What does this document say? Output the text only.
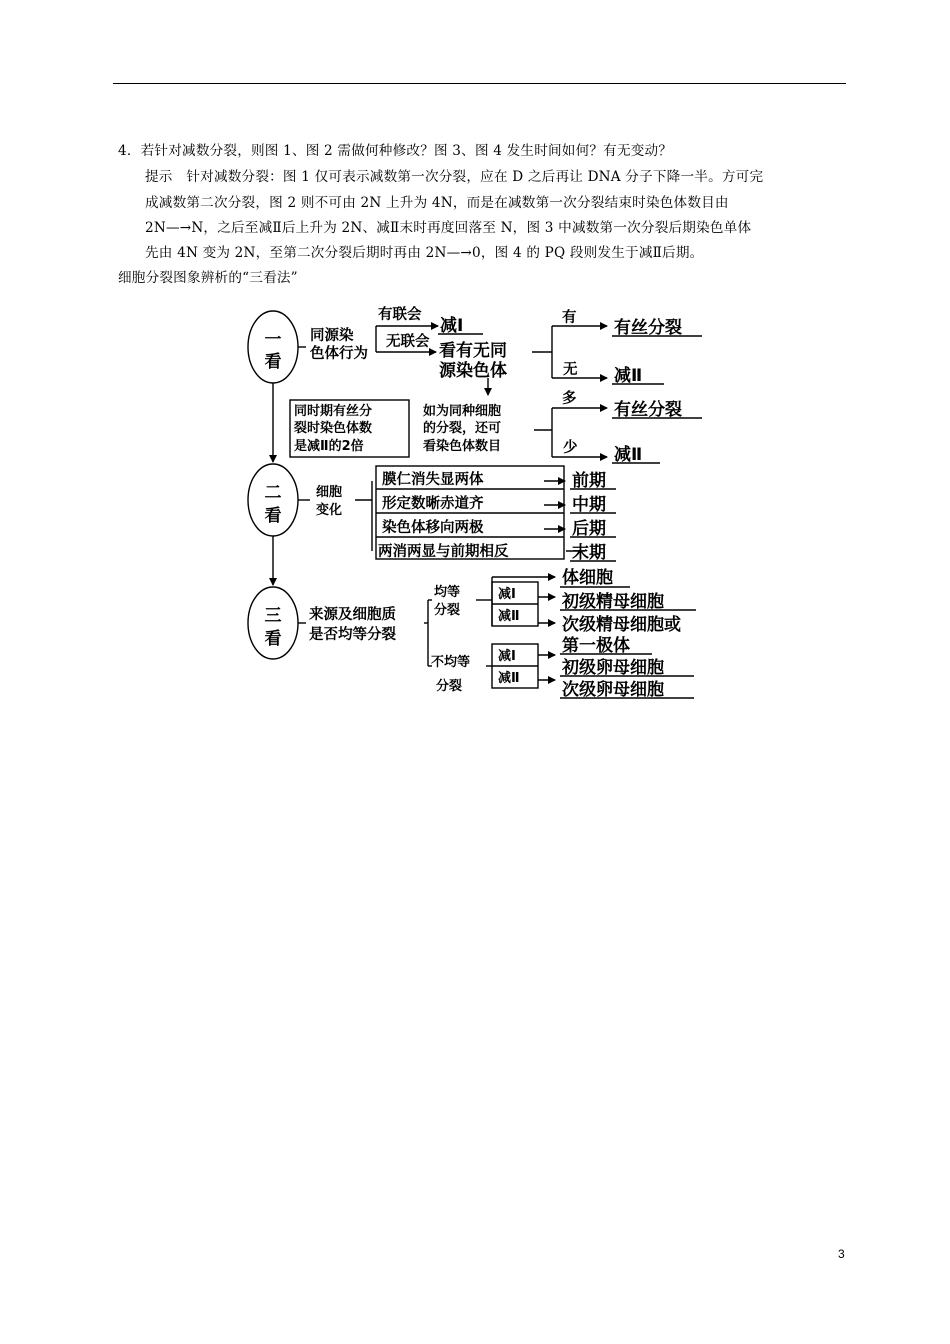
4．若针对减数分裂，则图 1、图 2 需做何种修改？图 3、图 4 发生时间如何？有无变动？
提示　针对减数分裂：图 1 仅可表示减数第一次分裂，应在 D 之后再让 DNA 分子下降一半。方可完
成减数第二次分裂，图 2 则不可由 2N 上升为 4N，而是在减数第一次分裂结束时染色体数目由
2N—→N，之后至减Ⅱ后上升为 2N、减Ⅱ末时再度回落至 N，图 3 中减数第一次分裂后期染色单体
先由 4N 变为 2N，至第二次分裂后期时再由 2N—→0，图 4 的 PQ 段则发生于减Ⅱ后期。
细胞分裂图象辨析的“三看法”
一
看
二
看
三
看
同源染
色体行为
有联会
无联会
减Ⅰ
看有无同
源染色体
有
无
有丝分裂
减Ⅱ
同时期有丝分
裂时染色体数
是减Ⅱ的2倍
如为同种细胞
的分裂，还可
看染色体数目
多
少
有丝分裂
减Ⅱ
细胞
变化
膜仁消失显两体
形定数晰赤道齐
染色体移向两极
两消两显与前期相反
前期
中期
后期
末期
来源及细胞质
是否均等分裂
均等
分裂
不均等
分裂
减Ⅰ
减Ⅱ
减Ⅰ
减Ⅱ
体细胞
初级精母细胞
次级精母细胞或
第一极体
初级卵母细胞
次级卵母细胞
3
